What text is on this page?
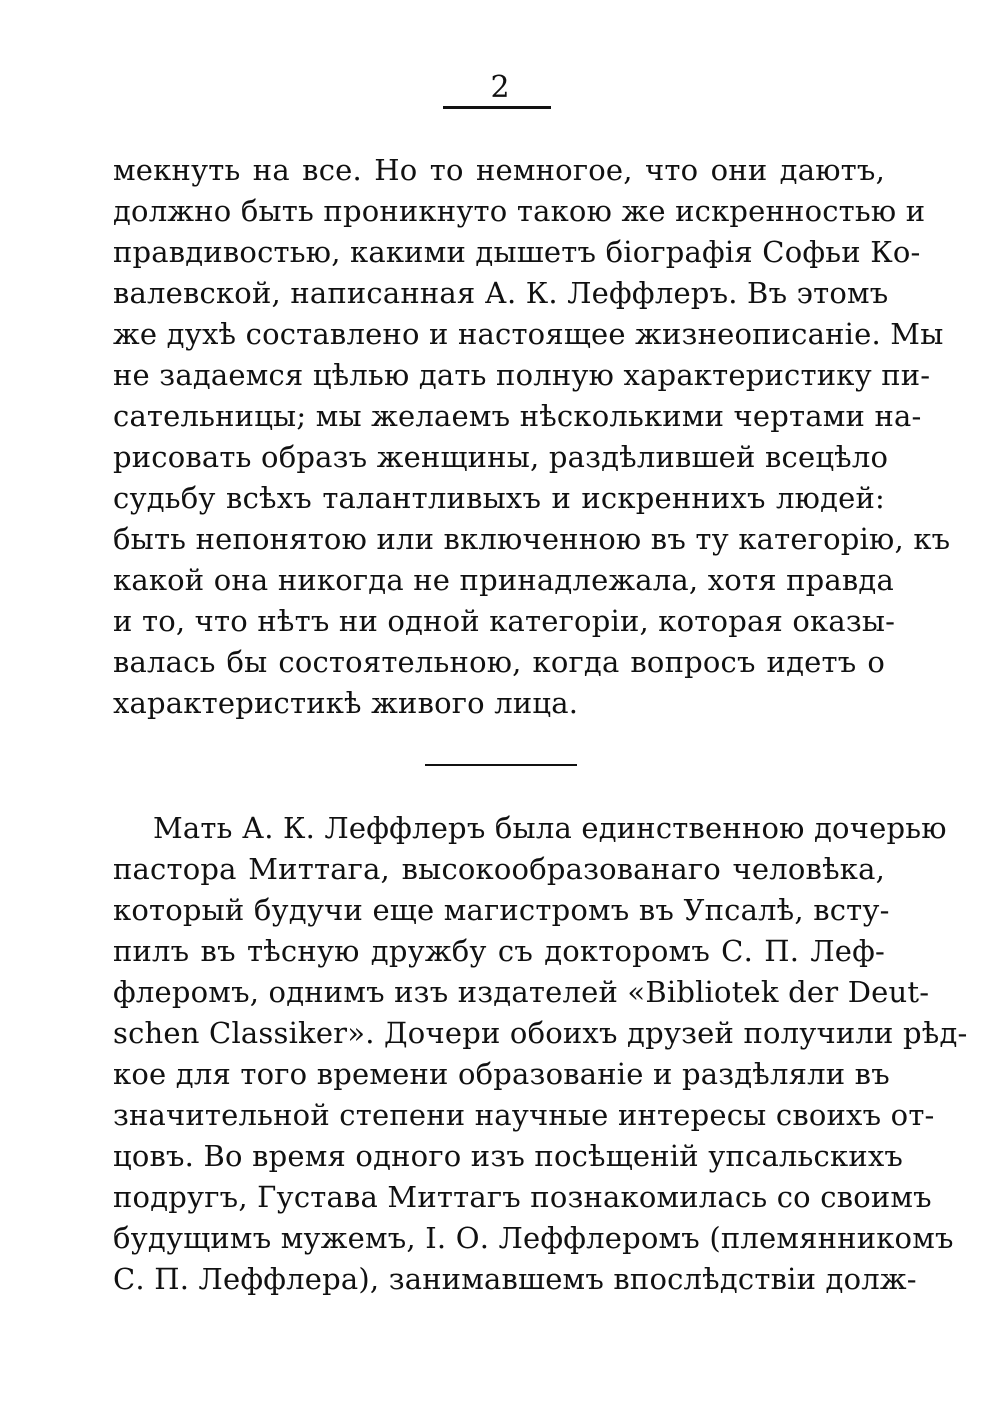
2
мекнуть на все. Но то немногое, что они даютъ,
должно быть проникнуто такою же искренностью и
правдивостью, какими дышетъ біографія Софьи Ко-
валевской, написанная А. К. Леффлеръ. Въ этомъ
же духѣ составлено и настоящее жизнеописаніе. Мы
не задаемся цѣлью дать полную характеристику пи-
сательницы; мы желаемъ нѣсколькими чертами на-
рисовать образъ женщины, раздѣлившей всецѣло
судьбу всѣхъ талантливыхъ и искреннихъ людей:
быть непонятою или включенною въ ту категорію, къ
какой она никогда не принадлежала, хотя правда
и то, что нѣтъ ни одной категоріи, которая оказы-
валась бы состоятельною, когда вопросъ идетъ о
характеристикѣ живого лица.
Мать А. К. Леффлеръ была единственною дочерью
пастора Миттага, высокообразованаго человѣка,
который будучи еще магистромъ въ Упсалѣ, всту-
пилъ въ тѣсную дружбу съ докторомъ С. П. Леф-
флеромъ, однимъ изъ издателей «Bibliotek der Deut-
schen Classiker». Дочери обоихъ друзей получили рѣд-
кое для того времени образованіе и раздѣляли въ
значительной степени научные интересы своихъ от-
цовъ. Во время одного изъ посѣщеній упсальскихъ
подругъ, Густава Миттагъ познакомилась со своимъ
будущимъ мужемъ, І. О. Леффлеромъ (племянникомъ
С. П. Леффлера), занимавшемъ впослѣдствіи долж-
